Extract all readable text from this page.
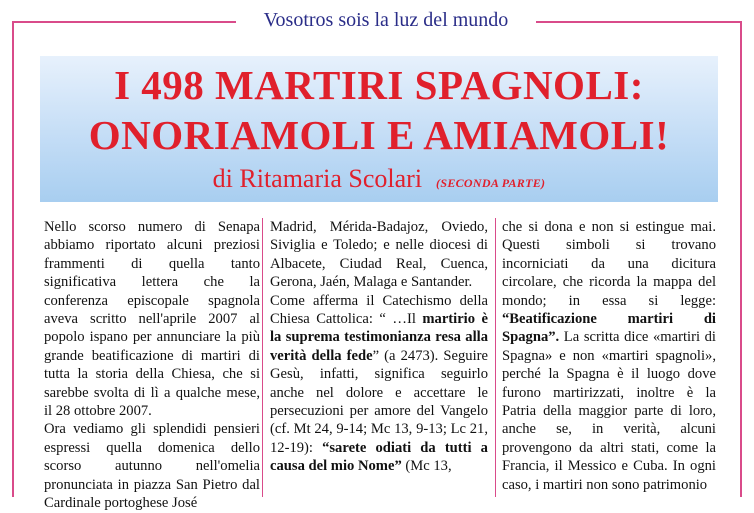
Vosotros sois la luz del mundo
I 498 MARTIRI SPAGNOLI:
ONORIAMOLI E AMIAMOLI!
di Ritamaria Scolari (SECONDA PARTE)

Nello scorso numero di Senapa abbiamo riportato alcuni preziosi frammenti di quella tanto significativa lettera che la conferenza episcopale spagnola aveva scritto nell'aprile 2007 al popolo ispano per annunciare la più grande beatificazione di martiri di tutta la storia della Chiesa, che si sarebbe svolta di lì a qualche mese, il 28 ottobre 2007.

Ora vediamo gli splendidi pensieri espressi quella domenica dello scorso autunno nell'omelia pronunciata in piazza San Pietro dal Cardinale portoghese José

Madrid, Mérida-Badajoz, Oviedo, Siviglia e Toledo; e nelle diocesi di Albacete, Ciudad Real, Cuenca, Gerona, Jaén, Malaga e Santander.

Come afferma il Catechismo della Chiesa Cattolica: “ …Il martirio è la suprema testimonianza resa alla verità della fede” (a 2473). Seguire Gesù, infatti, significa seguirlo anche nel dolore e accettare le persecuzioni per amore del Vangelo (cf. Mt 24, 9-14; Mc 13, 9-13; Lc 21, 12-19): “sarete odiati da tutti a causa del mio Nome” (Mc 13,

che si dona e non si estingue mai. Questi simboli si trovano incorniciati da una dicitura circolare, che ricorda la mappa del mondo; in essa si legge: “Beatificazione martiri di Spagna”. La scritta dice «martiri di Spagna» e non «martiri spagnoli», perché la Spagna è il luogo dove furono martirizzati, inoltre è la Patria della maggior parte di loro, anche se, in verità, alcuni provengono da altri stati, come la Francia, il Messico e Cuba. In ogni caso, i martiri non sono patrimonio
